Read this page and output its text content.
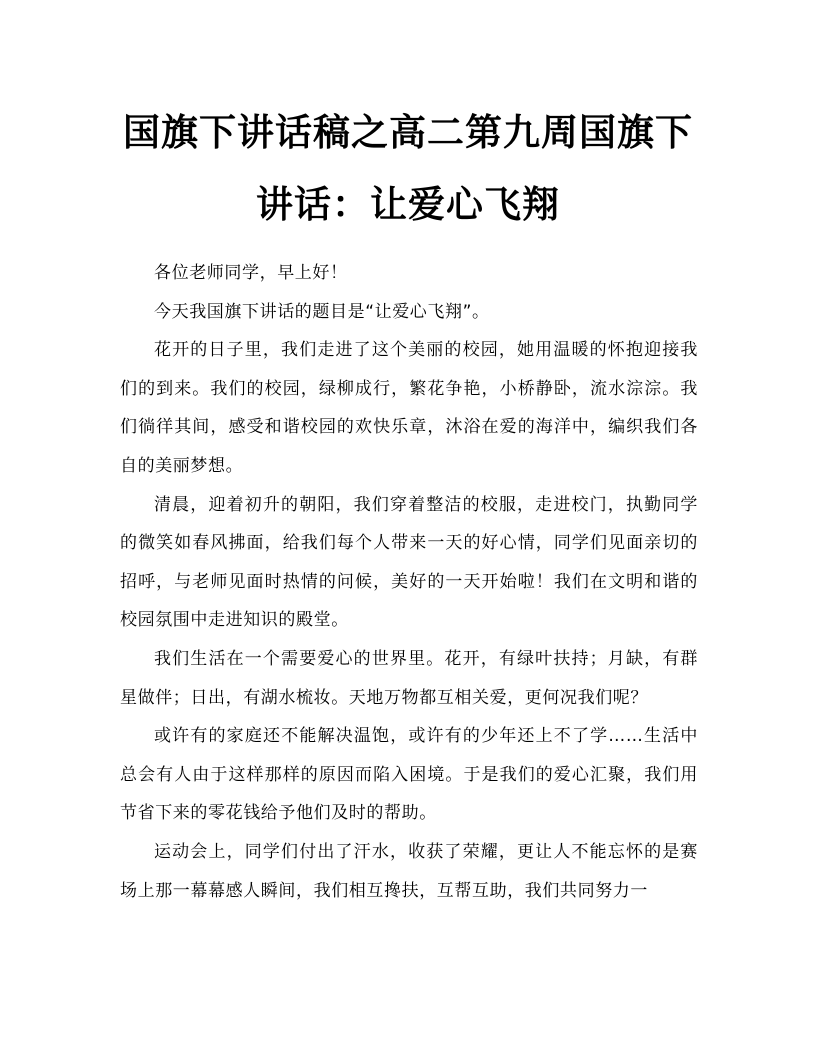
国旗下讲话稿之高二第九周国旗下讲话：让爱心飞翔

各位老师同学，早上好！

今天我国旗下讲话的题目是“让爱心飞翔”。

花开的日子里，我们走进了这个美丽的校园，她用温暖的怀抱迎接我们的到来。我们的校园，绿柳成行，繁花争艳，小桥静卧，流水淙淙。我们徜徉其间，感受和谐校园的欢快乐章，沐浴在爱的海洋中，编织我们各自的美丽梦想。

清晨，迎着初升的朝阳，我们穿着整洁的校服，走进校门，执勤同学的微笑如春风拂面，给我们每个人带来一天的好心情，同学们见面亲切的招呼，与老师见面时热情的问候，美好的一天开始啦！我们在文明和谐的校园氛围中走进知识的殿堂。

我们生活在一个需要爱心的世界里。花开，有绿叶扶持；月缺，有群星做伴；日出，有湖水梳妆。天地万物都互相关爱，更何况我们呢？

或许有的家庭还不能解决温饱，或许有的少年还上不了学……生活中总会有人由于这样那样的原因而陷入困境。于是我们的爱心汇聚，我们用节省下来的零花钱给予他们及时的帮助。

运动会上，同学们付出了汗水，收获了荣耀，更让人不能忘怀的是赛场上那一幕幕感人瞬间，我们相互搀扶，互帮互助，我们共同努力一
